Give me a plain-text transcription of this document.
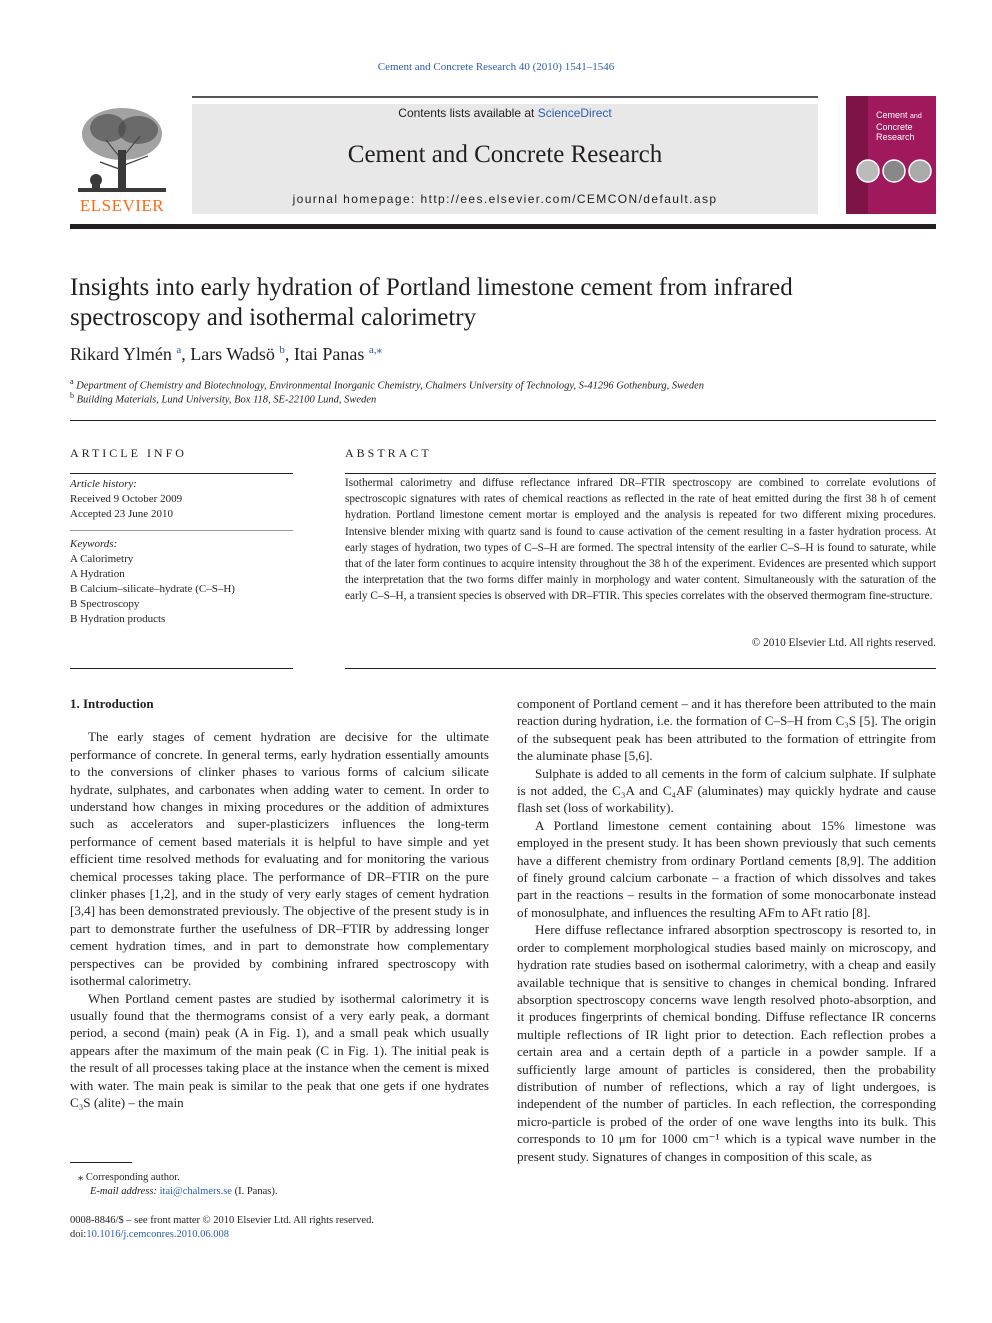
Cement and Concrete Research 40 (2010) 1541–1546
ELSEVIER
Contents lists available at ScienceDirect
Cement and Concrete Research
journal homepage: http://ees.elsevier.com/CEMCON/default.asp
Cement and
Concrete
Research
Insights into early hydration of Portland limestone cement from infrared
spectroscopy and isothermal calorimetry
Rikard Ylmén $^a$, Lars Wadsö $^b$, Itai Panas $^{a,⁎}$
$^a$ Department of Chemistry and Biotechnology, Environmental Inorganic Chemistry, Chalmers University of Technology, S-41296 Gothenburg, Sweden
$^b$ Building Materials, Lund University, Box 118, SE-22100 Lund, Sweden
ARTICLE INFO
Article history:
Received 9 October 2009
Accepted 23 June 2010
Keywords:
A Calorimetry
A Hydration
B Calcium–silicate–hydrate (C–S–H)
B Spectroscopy
B Hydration products
ABSTRACT
Isothermal calorimetry and diffuse reflectance infrared DR–FTIR spectroscopy are combined to correlate evolutions of spectroscopic signatures with rates of chemical reactions as reflected in the rate of heat emitted during the first 38 h of cement hydration. Portland limestone cement mortar is employed and the analysis is repeated for two different mixing procedures. Intensive blender mixing with quartz sand is found to cause activation of the cement resulting in a faster hydration process. At early stages of hydration, two types of C–S–H are formed. The spectral intensity of the earlier C–S–H is found to saturate, while that of the later form continues to acquire intensity throughout the 38 h of the experiment. Evidences are presented which support the interpretation that the two forms differ mainly in morphology and water content. Simultaneously with the saturation of the early C–S–H, a transient species is observed with DR–FTIR. This species correlates with the observed thermogram fine-structure.
© 2010 Elsevier Ltd. All rights reserved.
1. Introduction

The early stages of cement hydration are decisive for the ultimate performance of concrete. In general terms, early hydration essentially amounts to the conversions of clinker phases to various forms of calcium silicate hydrate, sulphates, and carbonates when adding water to cement. In order to understand how changes in mixing procedures or the addition of admixtures such as accelerators and super-plasticizers influences the long-term performance of cement based materials it is helpful to have simple and yet efficient time resolved methods for evaluating and for monitoring the various chemical processes taking place. The performance of DR–FTIR on the pure clinker phases [1,2], and in the study of very early stages of cement hydration [3,4] has been demonstrated previously. The objective of the present study is in part to demonstrate further the usefulness of DR–FTIR by addressing longer cement hydration times, and in part to demonstrate how complementary perspectives can be provided by combining infrared spectroscopy with isothermal calorimetry.

When Portland cement pastes are studied by isothermal calorimetry it is usually found that the thermograms consist of a very early peak, a dormant period, a second (main) peak (A in Fig. 1), and a small peak which usually appears after the maximum of the main peak (C in Fig. 1). The initial peak is the result of all processes taking place at the instance when the cement is mixed with water. The main peak is similar to the peak that one gets if one hydrates C₃S (alite) – the main

component of Portland cement – and it has therefore been attributed to the main reaction during hydration, i.e. the formation of C–S–H from C₃S [5]. The origin of the subsequent peak has been attributed to the formation of ettringite from the aluminate phase [5,6].

Sulphate is added to all cements in the form of calcium sulphate. If sulphate is not added, the C₃A and C₄AF (aluminates) may quickly hydrate and cause flash set (loss of workability).

A Portland limestone cement containing about 15% limestone was employed in the present study. It has been shown previously that such cements have a different chemistry from ordinary Portland cements [8,9]. The addition of finely ground calcium carbonate – a fraction of which dissolves and takes part in the reactions – results in the formation of some monocarbonate instead of monosulphate, and influences the resulting AFm to AFt ratio [8].

Here diffuse reflectance infrared absorption spectroscopy is resorted to, in order to complement morphological studies based mainly on microscopy, and hydration rate studies based on isothermal calorimetry, with a cheap and easily available technique that is sensitive to changes in chemical bonding. Infrared absorption spectroscopy concerns wave length resolved photo-absorption, and it produces fingerprints of chemical bonding. Diffuse reflectance IR concerns multiple reflections of IR light prior to detection. Each reflection probes a certain area and a certain depth of a particle in a powder sample. If a sufficiently large amount of particles is considered, then the probability distribution of number of reflections, which a ray of light undergoes, is independent of the number of particles. In each reflection, the corresponding micro-particle is probed of the order of one wave lengths into its bulk. This corresponds to 10 μm for 1000 cm⁻¹ which is a typical wave number in the present study. Signatures of changes in composition of this scale, as

⁎ Corresponding author.
E-mail address: itai@chalmers.se (I. Panas).
0008-8846/$ – see front matter © 2010 Elsevier Ltd. All rights reserved.
doi:10.1016/j.cemconres.2010.06.008
